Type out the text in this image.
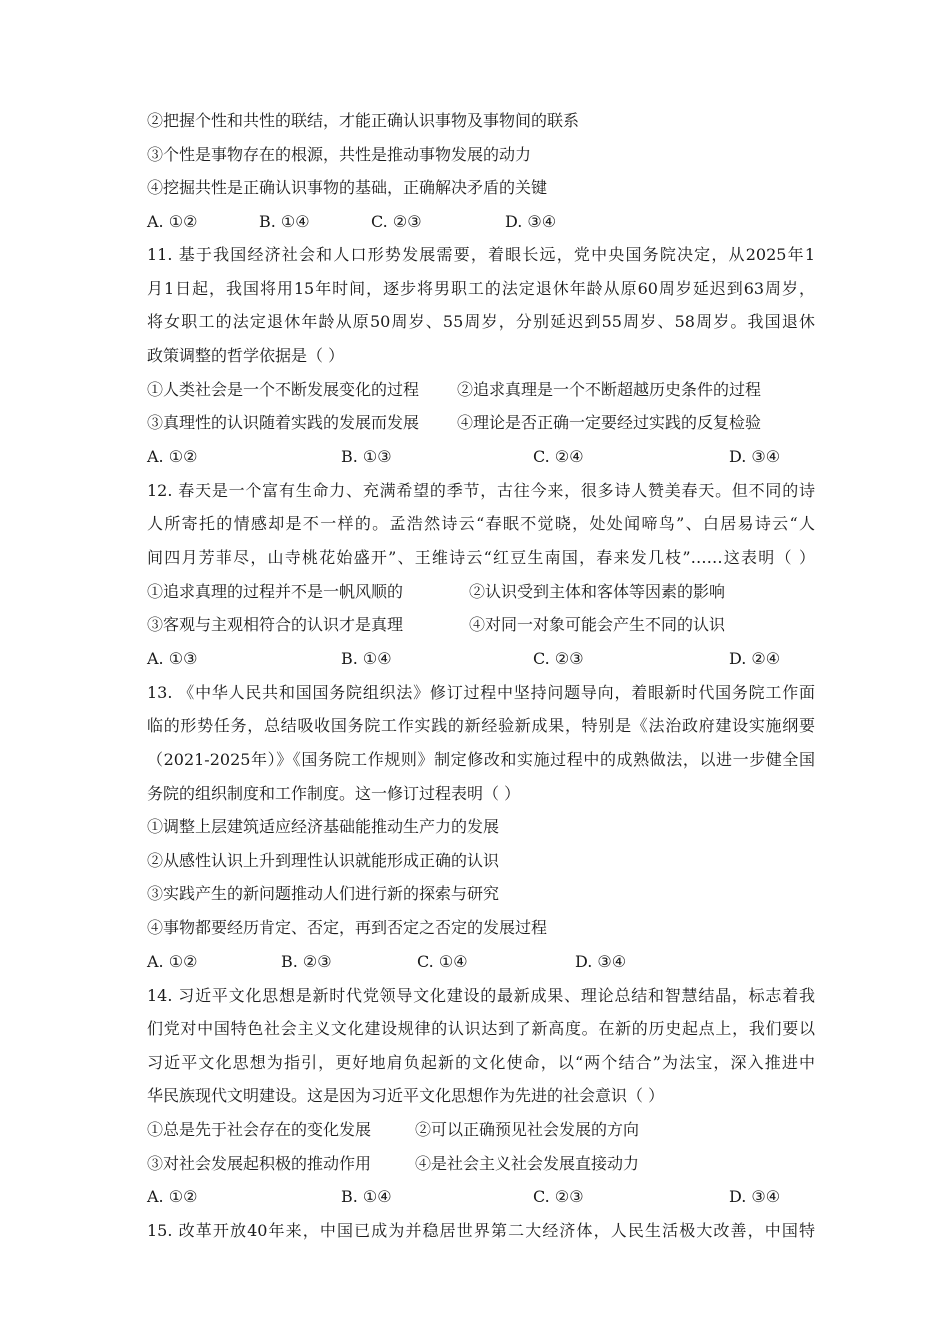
②把握个性和共性的联结，才能正确认识事物及事物间的联系
③个性是事物存在的根源，共性是推动事物发展的动力
④挖掘共性是正确认识事物的基础，正确解决矛盾的关键
A. ①②	B. ①④	C. ②③	D. ③④
11. 基于我国经济社会和人口形势发展需要，着眼长远，党中央国务院决定，从2025年1
月1日起，我国将用15年时间，逐步将男职工的法定退休年龄从原60周岁延迟到63周岁，
将女职工的法定退休年龄从原50周岁、55周岁，分别延迟到55周岁、58周岁。我国退休
政策调整的哲学依据是（ ）
①人类社会是一个不断发展变化的过程 ②追求真理是一个不断超越历史条件的过程
③真理性的认识随着实践的发展而发展 ④理论是否正确一定要经过实践的反复检验
A. ①②	B. ①③	C. ②④	D. ③④
12. 春天是一个富有生命力、充满希望的季节，古往今来，很多诗人赞美春天。但不同的诗
人所寄托的情感却是不一样的。孟浩然诗云“春眠不觉晓，处处闻啼鸟”、白居易诗云“人
间四月芳菲尽，山寺桃花始盛开”、王维诗云“红豆生南国，春来发几枝”……这表明（ ）
①追求真理的过程并不是一帆风顺的	②认识受到主体和客体等因素的影响
③客观与主观相符合的认识才是真理	④对同一对象可能会产生不同的认识
A. ①③	B. ①④	C. ②③	D. ②④
13. 《中华人民共和国国务院组织法》修订过程中坚持问题导向，着眼新时代国务院工作面
临的形势任务，总结吸收国务院工作实践的新经验新成果，特别是《法治政府建设实施纲要
（2021-2025年）》《国务院工作规则》制定修改和实施过程中的成熟做法，以进一步健全国
务院的组织制度和工作制度。这一修订过程表明（ ）
①调整上层建筑适应经济基础能推动生产力的发展
②从感性认识上升到理性认识就能形成正确的认识
③实践产生的新问题推动人们进行新的探索与研究
④事物都要经历肯定、否定，再到否定之否定的发展过程
A. ①②	B. ②③	C. ①④	D. ③④
14. 习近平文化思想是新时代党领导文化建设的最新成果、理论总结和智慧结晶，标志着我
们党对中国特色社会主义文化建设规律的认识达到了新高度。在新的历史起点上，我们要以
习近平文化思想为指引，更好地肩负起新的文化使命，以“两个结合”为法宝，深入推进中
华民族现代文明建设。这是因为习近平文化思想作为先进的社会意识（ ）
①总是先于社会存在的变化发展	②可以正确预见社会发展的方向
③对社会发展起积极的推动作用	④是社会主义社会发展直接动力
A. ①②	B. ①④	C. ②③	D. ③④
15. 改革开放40年来，中国已成为并稳居世界第二大经济体，人民生活极大改善，中国特
